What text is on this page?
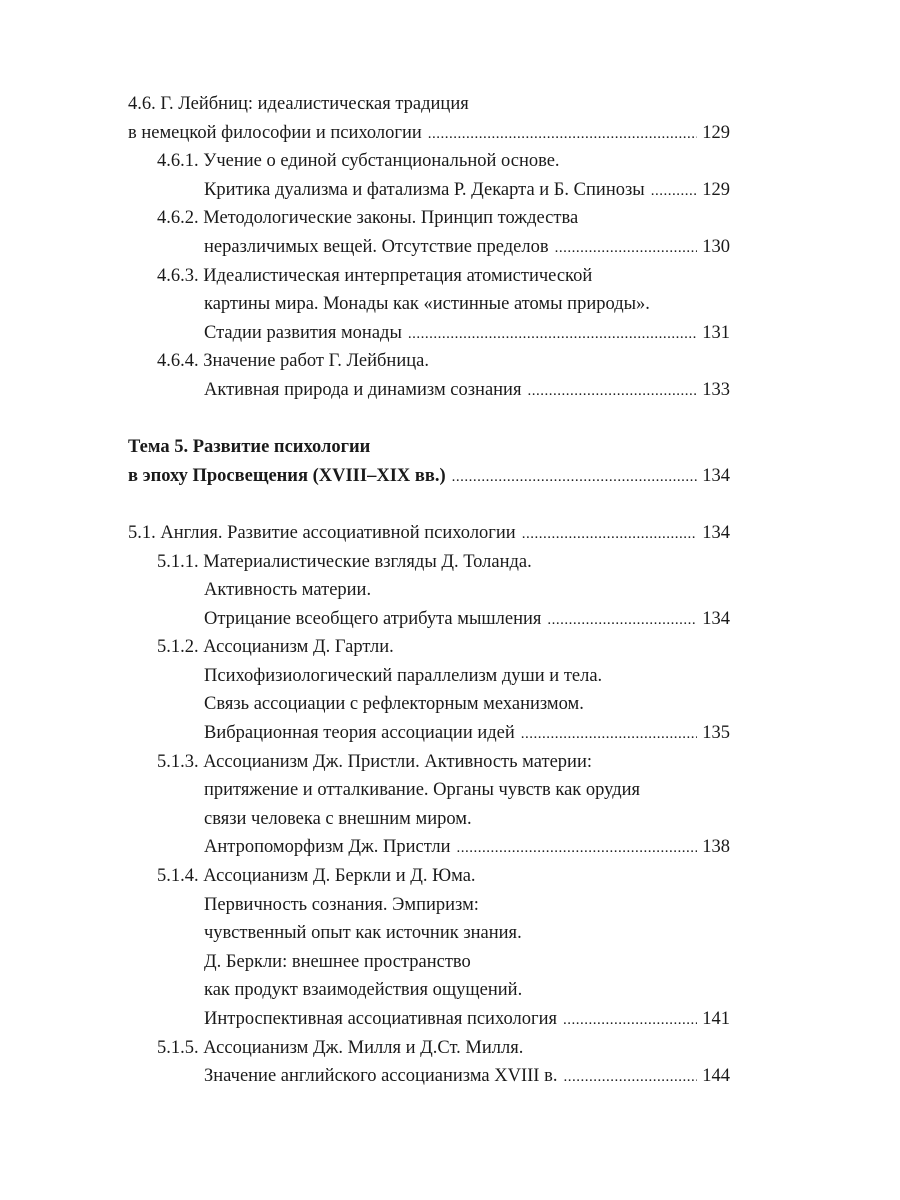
4.6. Г. Лейбниц: идеалистическая традиция
в немецкой философии и психологии .....	129
4.6.1. Учение о единой субстанциональной основе.
Критика дуализма и фатализма Р. Декарта и Б. Спинозы .....	129
4.6.2. Методологические законы. Принцип тождества
неразличимых вещей. Отсутствие пределов .....	130
4.6.3. Идеалистическая интерпретация атомистической
картины мира. Монады как «истинные атомы природы».
Стадии развития монады .....	131
4.6.4. Значение работ Г. Лейбница.
Активная природа и динамизм сознания .....	133
Тема 5. Развитие психологии
в эпоху Просвещения (XVIII–XIX вв.) .....	134
5.1. Англия. Развитие ассоциативной психологии .....	134
5.1.1. Материалистические взгляды Д. Толанда.
Активность материи.
Отрицание всеобщего атрибута мышления .....	134
5.1.2. Ассоцианизм Д. Гартли.
Психофизиологический параллелизм души и тела.
Связь ассоциации с рефлекторным механизмом.
Вибрационная теория ассоциации идей .....	135
5.1.3. Ассоцианизм Дж. Пристли. Активность материи:
притяжение и отталкивание. Органы чувств как орудия
связи человека с внешним миром.
Антропоморфизм Дж. Пристли .....	138
5.1.4. Ассоцианизм Д. Беркли и Д. Юма.
Первичность сознания. Эмпиризм:
чувственный опыт как источник знания.
Д. Беркли: внешнее пространство
как продукт взаимодействия ощущений.
Интроспективная ассоциативная психология .....	141
5.1.5. Ассоцианизм Дж. Милля и Д.Ст. Милля.
Значение английского ассоцианизма XVIII в. .....	144
